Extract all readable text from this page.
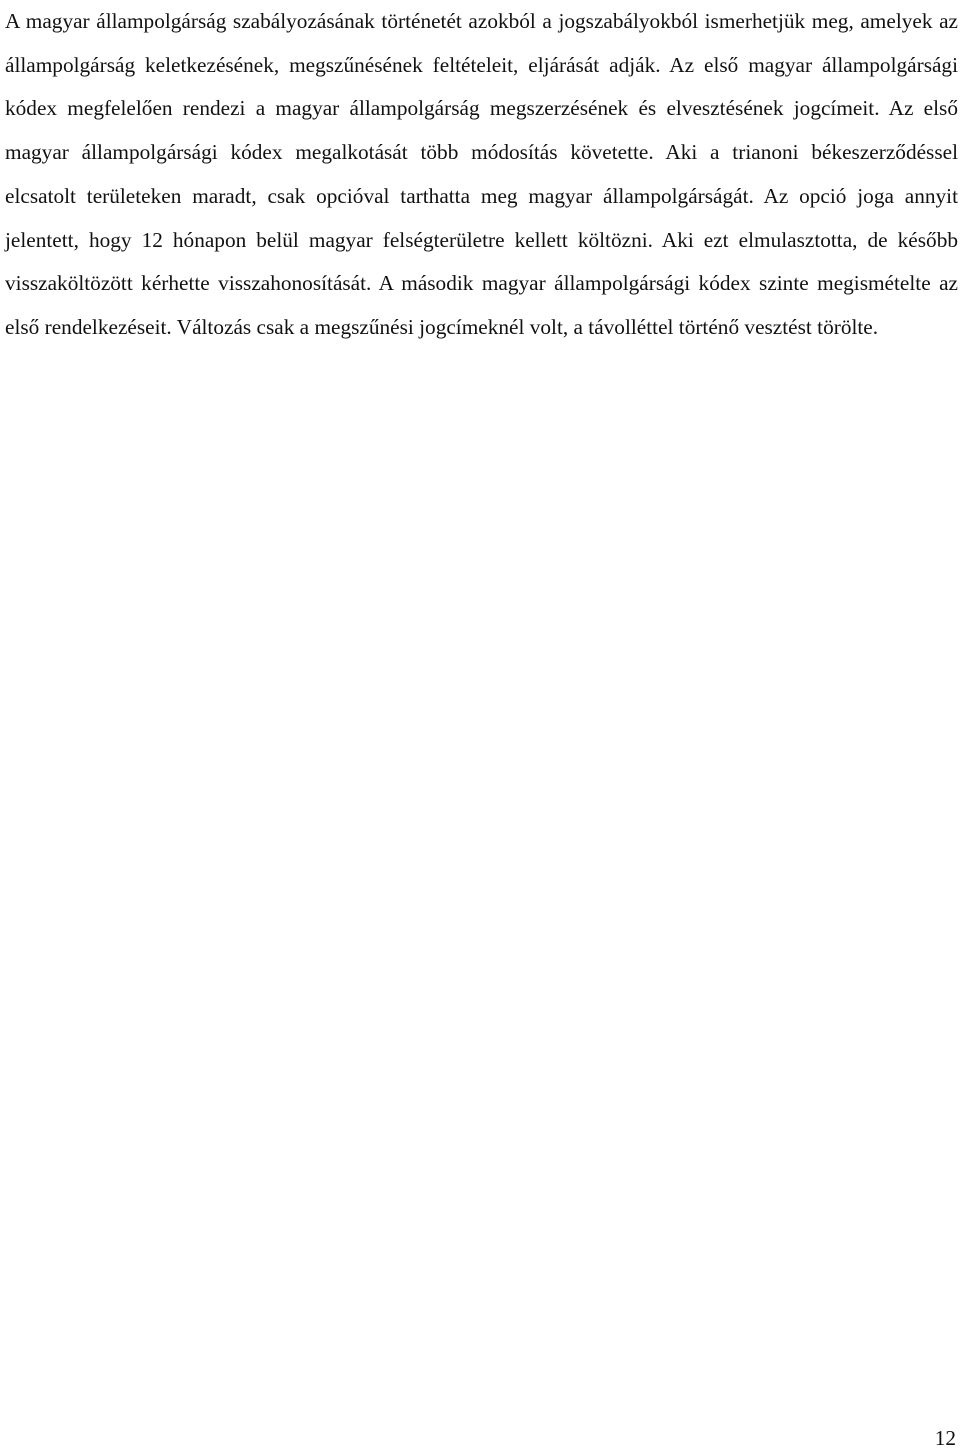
A magyar állampolgárság szabályozásának történetét azokból a jogszabályokból ismerhetjük meg, amelyek az állampolgárság keletkezésének, megszűnésének feltételeit, eljárását adják. Az első magyar állampolgársági kódex megfelelően rendezi a magyar állampolgárság megszerzésének és elvesztésének jogcímeit. Az első magyar állampolgársági kódex megalkotását több módosítás követette. Aki a trianoni békeszerződéssel elcsatolt területeken maradt, csak opcióval tarthatta meg magyar állampolgárságát. Az opció joga annyit jelentett, hogy 12 hónapon belül magyar felségterületre kellett költözni. Aki ezt elmulasztotta, de később visszaköltözött kérhette visszahonosítását. A második magyar állampolgársági kódex szinte megismételte az első rendelkezéseit. Változás csak a megszűnési jogcímeknél volt, a távolléttel történő vesztést törölte.

12
